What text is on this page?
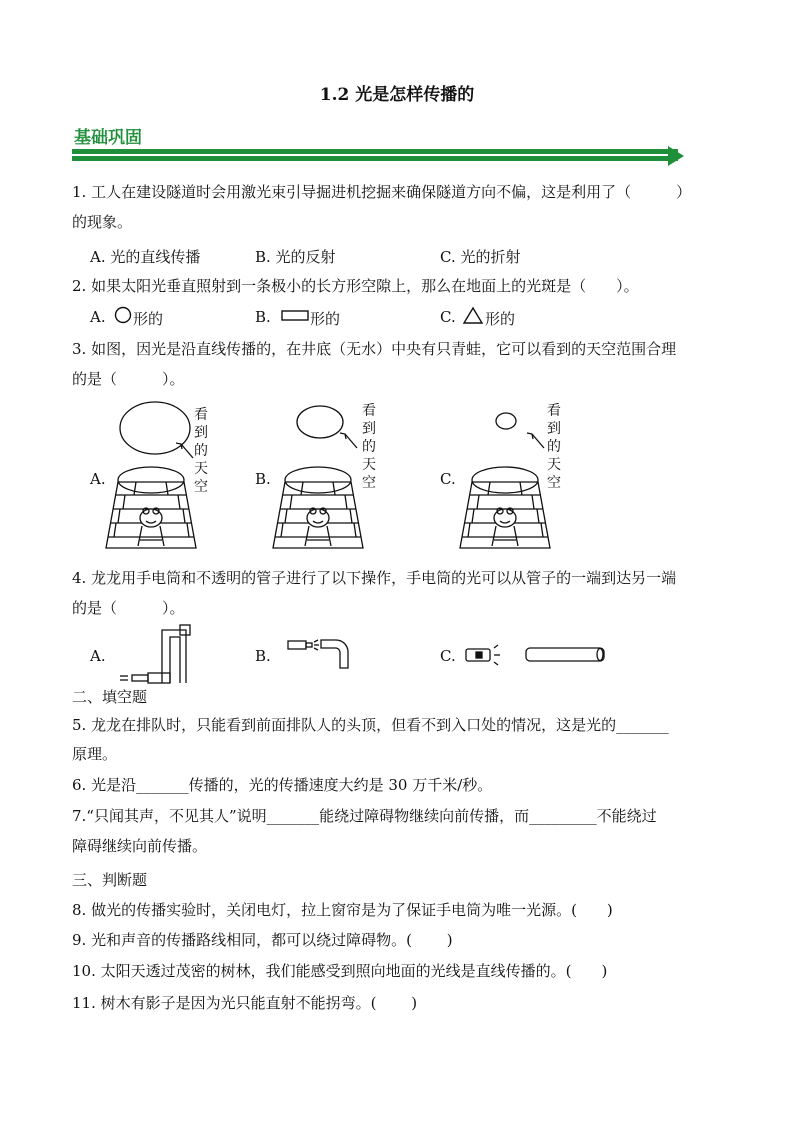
1.2 光是怎样传播的
基础巩固
1. 工人在建设隧道时会用激光束引导掘进机挖掘来确保隧道方向不偏，这是利用了（　　　）
的现象。
A. 光的直线传播	B. 光的反射	C. 光的折射
2. 如果太阳光垂直照射到一条极小的长方形空隙上，那么在地面上的光斑是（　　）。
A. 形的	B.	形的	C. 形的
3. 如图，因光是沿直线传播的，在井底（无水）中央有只青蛙，它可以看到的天空范围合理
的是（　　　）。
A.	B.	C.
看
到
的
天
空
看
到
的
天
空
看
到
的
天
空
4. 龙龙用手电筒和不透明的管子进行了以下操作，手电筒的光可以从管子的一端到达另一端
的是（　　　）。
A.	B.	C.
二、填空题
5. 龙龙在排队时，只能看到前面排队人的头顶，但看不到入口处的情况，这是光的_______
原理。
6. 光是沿_______传播的，光的传播速度大约是 30 万千米/秒。
7.“只闻其声，不见其人”说明_______能绕过障碍物继续向前传播，而_________不能绕过
障碍继续向前传播。
三、判断题
8. 做光的传播实验时，关闭电灯，拉上窗帘是为了保证手电筒为唯一光源。(　　)
9. 光和声音的传播路线相同，都可以绕过障碍物。(　　 )
10. 太阳天透过茂密的树林，我们能感受到照向地面的光线是直线传播的。(　　)
11. 树木有影子是因为光只能直射不能拐弯。(　　 )
